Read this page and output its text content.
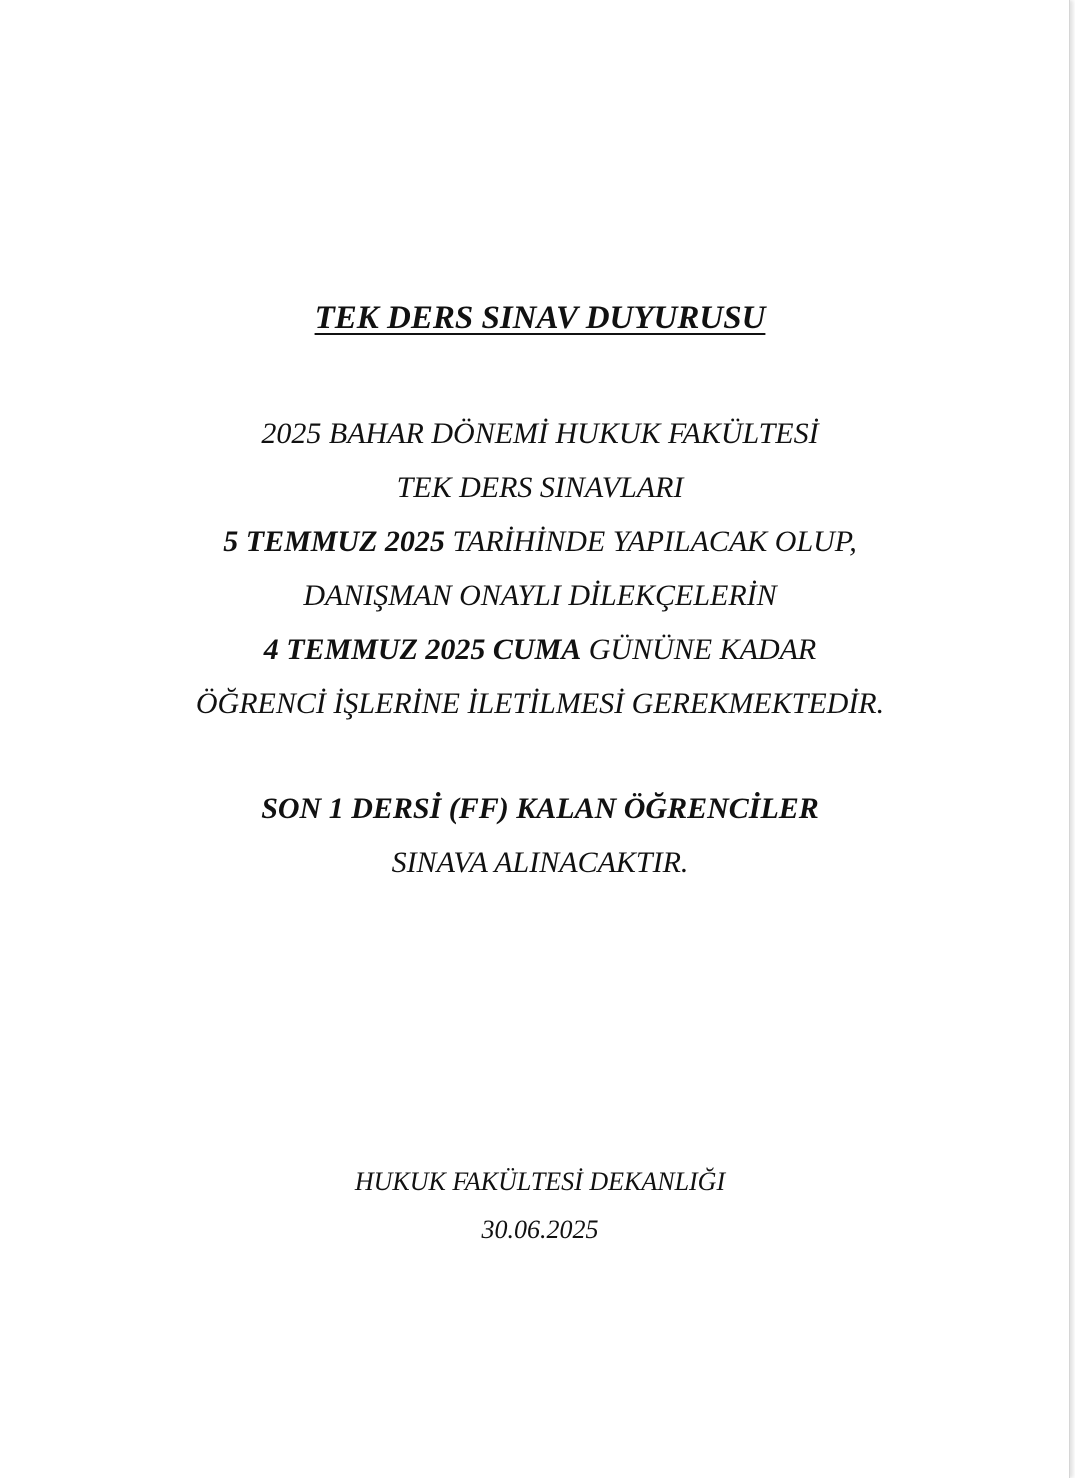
TEK DERS SINAV DUYURUSU
2025 BAHAR DÖNEMİ HUKUK FAKÜLTESİ
TEK DERS SINAVLARI
5 TEMMUZ 2025 TARİHİNDE YAPILACAK OLUP,
DANIŞMAN ONAYLI DİLEKÇELERİN
4 TEMMUZ 2025 CUMA GÜNÜNE KADAR
ÖĞRENCİ İŞLERİNE İLETİLMESİ GEREKMEKTEDİR.
SON 1 DERSİ (FF) KALAN ÖĞRENCİLER
SINAVA ALINACAKTIR.
HUKUK FAKÜLTESİ DEKANLIĞI
30.06.2025
